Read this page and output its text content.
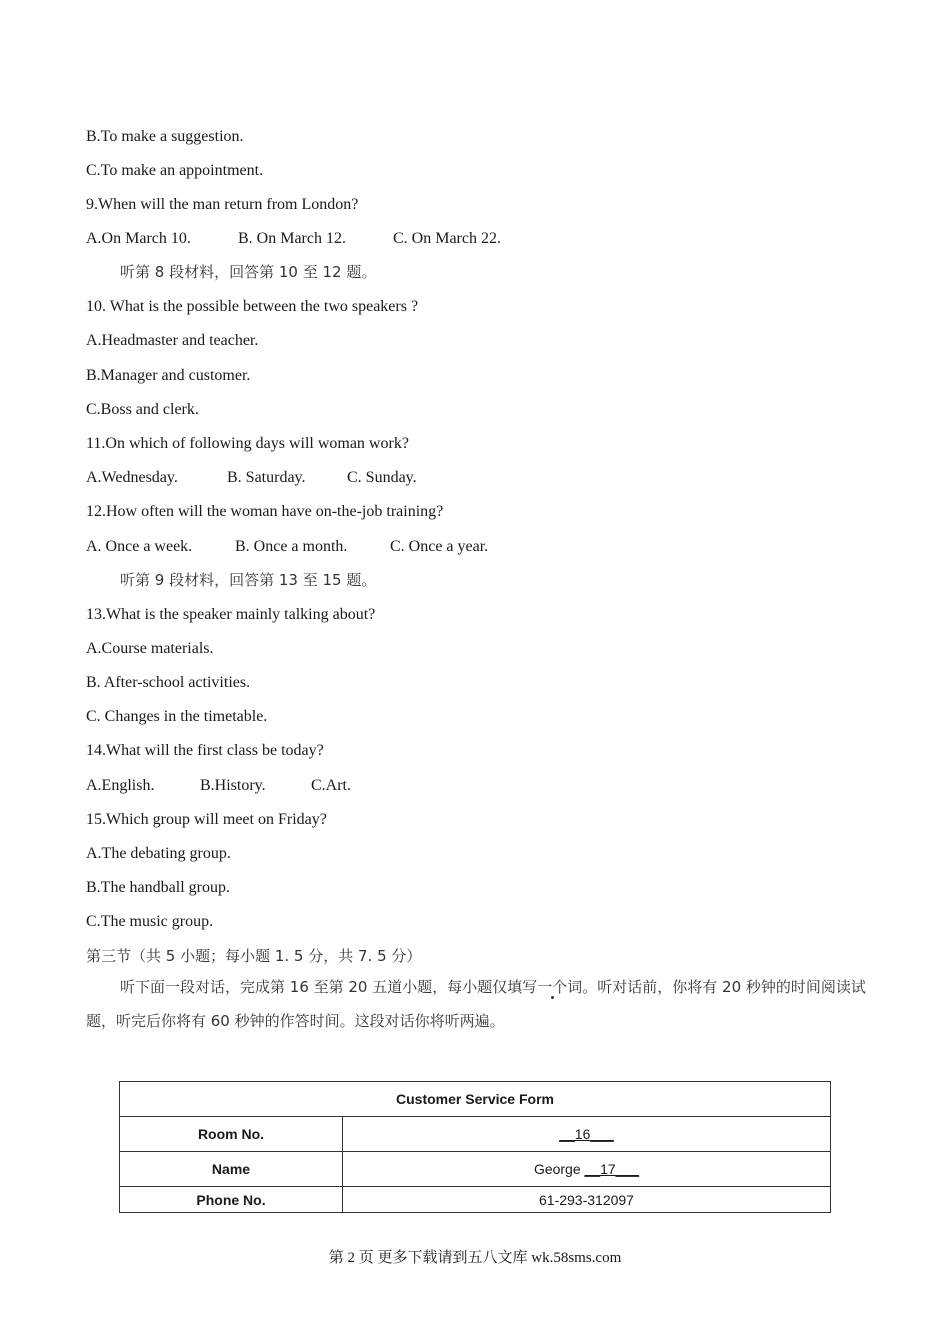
B.To make a suggestion.
C.To make an appointment.
9.When will the man return from London?
A.On March 10.	B. On March 12.	C. On March 22.
听第 8 段材料，回答第 10 至 12 题。
10. What is the possible between the two speakers ?
A.Headmaster and teacher.
B.Manager and customer.
C.Boss and clerk.
11.On which of following days will woman work?
A.Wednesday.	B. Saturday.	C. Sunday.
12.How often will the woman have on-the-job training?
A. Once a week.	B. Once a month.	C. Once a year.
听第 9 段材料，回答第 13 至 15 题。
13.What is the speaker mainly talking about?
A.Course materials.
B. After-school activities.
C. Changes in the timetable.
14.What will the first class be today?
A.English.	B.History.	C.Art.
15.Which group will meet on Friday?
A.The debating group.
B.The handball group.
C.The music group.
第三节（共 5 小题；每小题 1. 5 分，共 7. 5 分）
听下面一段对话，完成第 16 至第 20 五道小题，每小题仅填写一个词。听对话前，你将有 20 秒钟的时间阅读试题，听完后你将有 60 秒钟的作答时间。这段对话你将听两遍。
Customer Service Form	
Room No.	__16___
Name	George __17___
Phone No.	61-293-312097
第 2 页 更多下载请到五八文库 wk.58sms.com
